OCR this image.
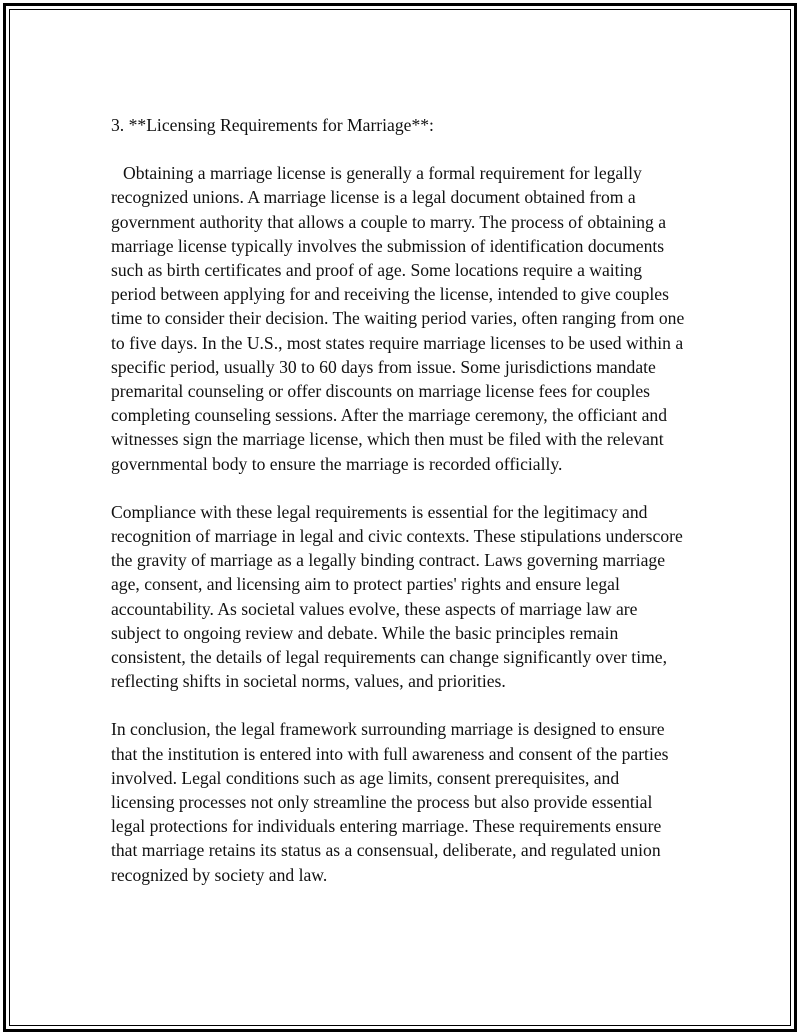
3. **Licensing Requirements for Marriage**:

Obtaining a marriage license is generally a formal requirement for legally recognized unions. A marriage license is a legal document obtained from a government authority that allows a couple to marry. The process of obtaining a marriage license typically involves the submission of identification documents such as birth certificates and proof of age. Some locations require a waiting period between applying for and receiving the license, intended to give couples time to consider their decision. The waiting period varies, often ranging from one to five days. In the U.S., most states require marriage licenses to be used within a specific period, usually 30 to 60 days from issue. Some jurisdictions mandate premarital counseling or offer discounts on marriage license fees for couples completing counseling sessions. After the marriage ceremony, the officiant and witnesses sign the marriage license, which then must be filed with the relevant governmental body to ensure the marriage is recorded officially.

Compliance with these legal requirements is essential for the legitimacy and recognition of marriage in legal and civic contexts. These stipulations underscore the gravity of marriage as a legally binding contract. Laws governing marriage age, consent, and licensing aim to protect parties' rights and ensure legal accountability. As societal values evolve, these aspects of marriage law are subject to ongoing review and debate. While the basic principles remain consistent, the details of legal requirements can change significantly over time, reflecting shifts in societal norms, values, and priorities.

In conclusion, the legal framework surrounding marriage is designed to ensure that the institution is entered into with full awareness and consent of the parties involved. Legal conditions such as age limits, consent prerequisites, and licensing processes not only streamline the process but also provide essential legal protections for individuals entering marriage. These requirements ensure that marriage retains its status as a consensual, deliberate, and regulated union recognized by society and law.
